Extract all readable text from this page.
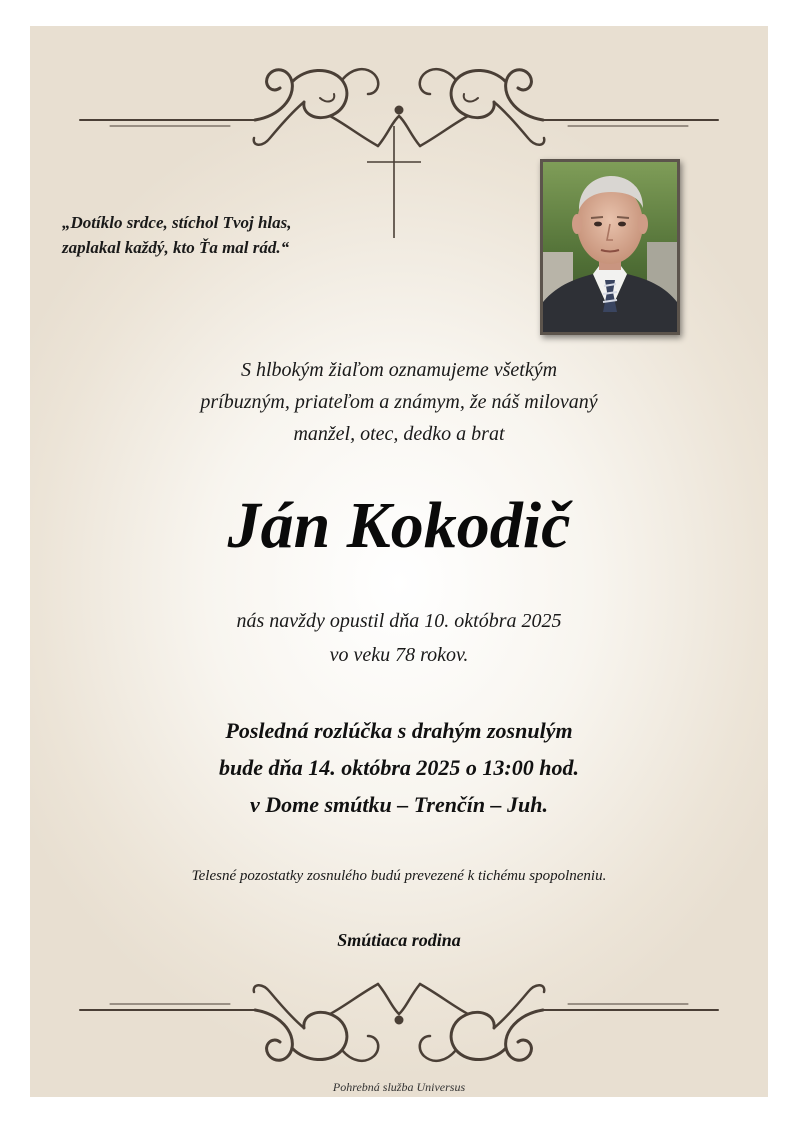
„Dotíklo srdce, stíchol Tvoj hlas,
zaplakal každý, kto Ťa mal rád.“
S hlbokým žiaľom oznamujeme všetkým
príbuzným, priateľom a známym, že náš milovaný
manžel, otec, dedko a brat
Ján Kokodič
nás navždy opustil dňa 10. októbra 2025
vo veku 78 rokov.
Posledná rozlúčka s drahým zosnulým
bude dňa 14. októbra 2025 o 13:00 hod.
v Dome smútku – Trenčín – Juh.
Telesné pozostatky zosnulého budú prevezené k tichému spopolneniu.
Smútiaca rodina
Pohrebná služba Universus
